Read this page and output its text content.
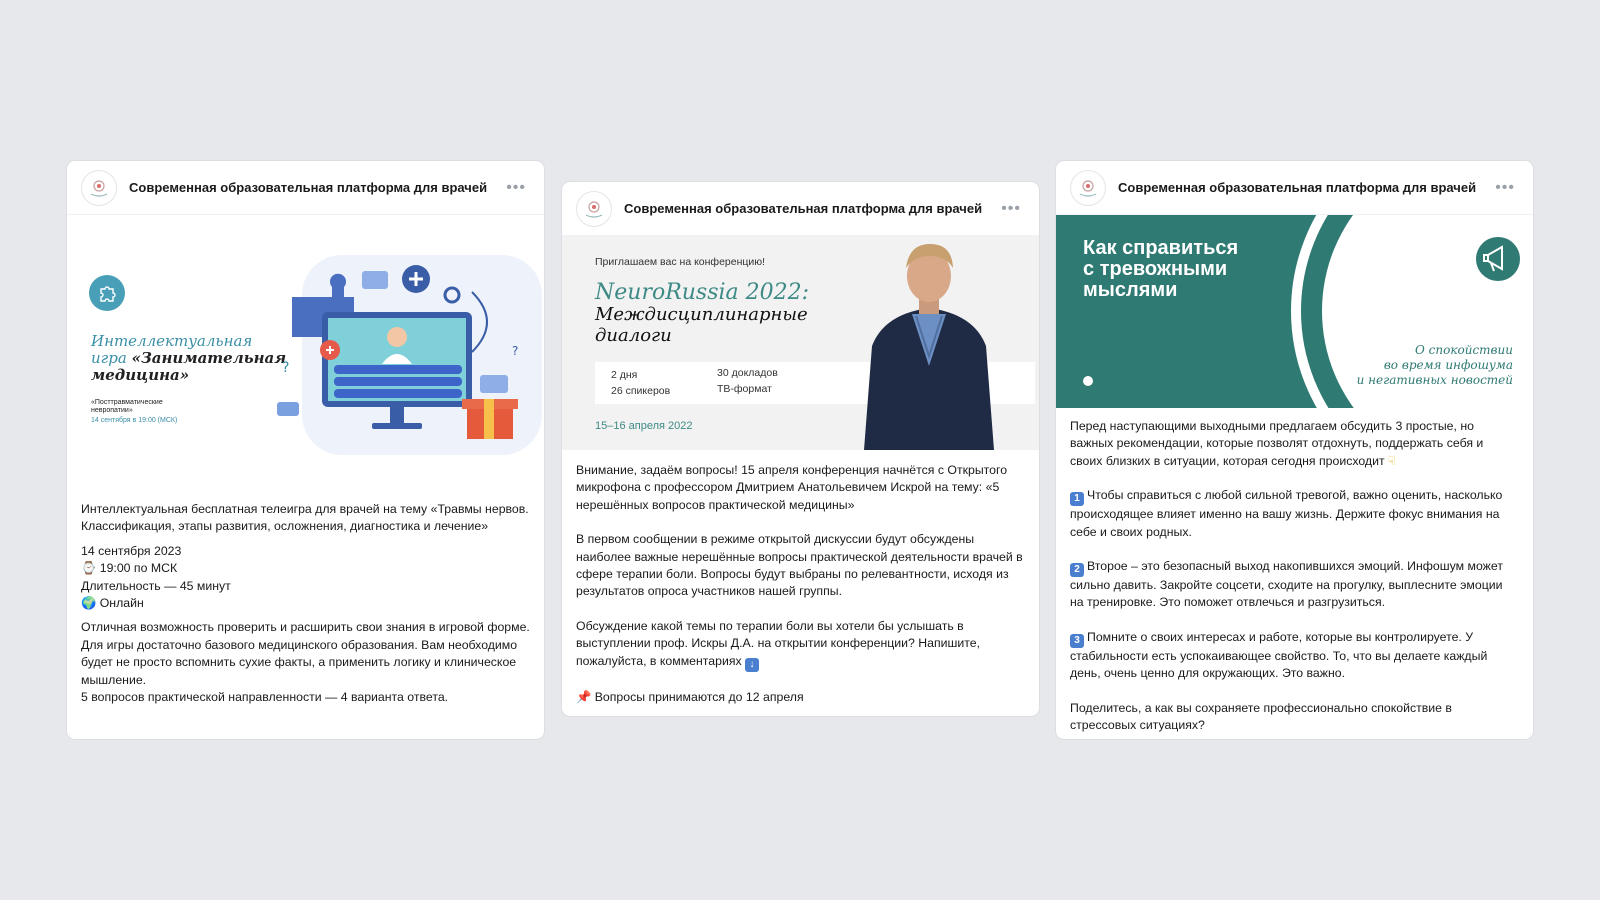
Современная образовательная платформа для врачей	•••
Интеллектуальная
игра «Занимательная
медицина»
«Посттравматические
невропатии»
14 сентября в 19:00 (МСК)
?
?

Интеллектуальная бесплатная телеигра для врачей на тему «Травмы нервов. Классификация, этапы развития, осложнения, диагностика и лечение»

14 сентября 2023
⌚ 19:00 по МСК
Длительность — 45 минут
🌍 Онлайн
Отличная возможность проверить и расширить свои знания в игровой форме. Для игры достаточно базового медицинского образования. Вам необходимо будет не просто вспомнить сухие факты, а применить логику и клиническое мышление.
5 вопросов практической направленности — 4 варианта ответа.
Современная образовательная платформа для врачей	•••
Приглашаем вас на конференцию!
NeuroRussia 2022:
Междисциплинарные
диалоги
2 дня
26 спикеров
30 докладов
ТВ-формат
15–16 апреля 2022

Внимание, задаём вопросы! 15 апреля конференция начнётся с Открытого микрофона с профессором Дмитрием Анатольевичем Искрой на тему: «5 нерешённых вопросов практической медицины»

В первом сообщении в режиме открытой дискуссии будут обсуждены наиболее важные нерешённые вопросы практической деятельности врачей в сфере терапии боли. Вопросы будут выбраны по релевантности, исходя из результатов опроса участников нашей группы.

Обсуждение какой темы по терапии боли вы хотели бы услышать в выступлении проф. Искры Д.А. на открытии конференции? Напишите, пожалуйста, в комментариях ↓

📌 Вопросы принимаются до 12 апреля

Современная образовательная платформа для врачей	•••
Как справиться
с тревожными
мыслями
О спокойствии
во время инфошума
и негативных новостей

Перед наступающими выходными предлагаем обсудить 3 простые, но важных рекомендации, которые позволят отдохнуть, поддержать себя и своих близких в ситуации, которая сегодня происходит ☟

1 Чтобы справиться с любой сильной тревогой, важно оценить, насколько происходящее влияет именно на вашу жизнь. Держите фокус внимания на себе и своих родных.

2 Второе – это безопасный выход накопившихся эмоций. Инфошум может сильно давить. Закройте соцсети, сходите на прогулку, выплесните эмоции на тренировке. Это поможет отвлечься и разгрузиться.

3 Помните о своих интересах и работе, которые вы контролируете. У стабильности есть успокаивающее свойство. То, что вы делаете каждый день, очень ценно для окружающих. Это важно.

Поделитесь, а как вы сохраняете профессионально спокойствие в стрессовых ситуациях?
